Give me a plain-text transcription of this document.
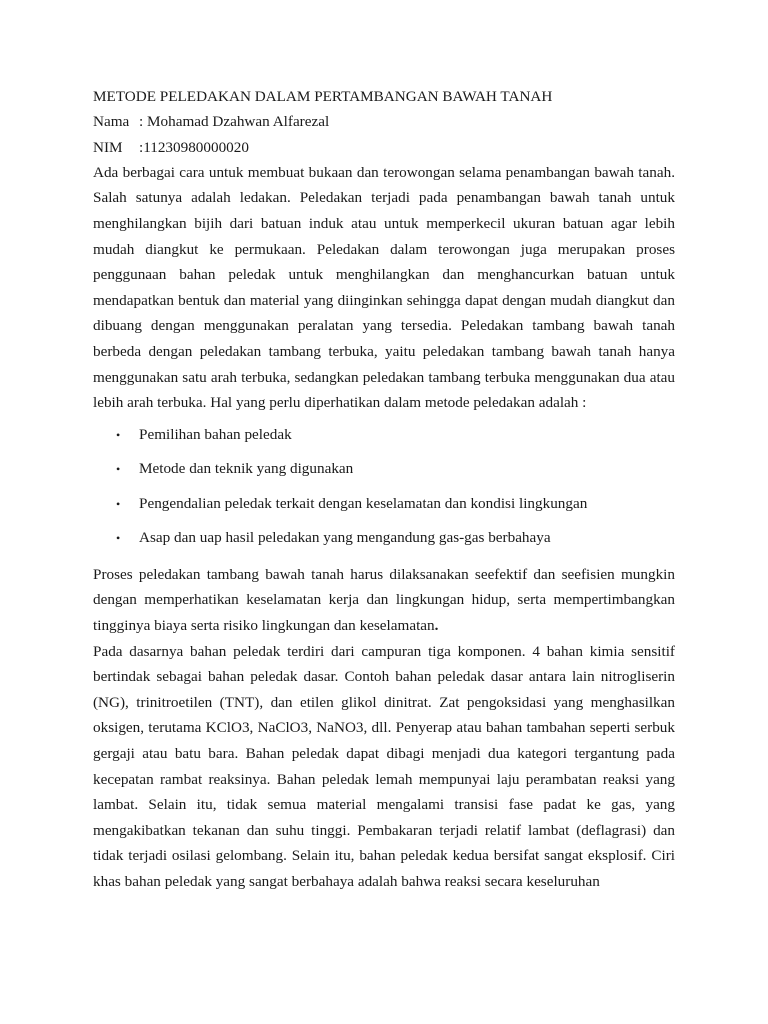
METODE PELEDAKAN DALAM PERTAMBANGAN BAWAH TANAH

Nama : Mohamad Dzahwan Alfarezal
NIM	:11230980000020

Ada berbagai cara untuk membuat bukaan dan terowongan selama penambangan bawah tanah. Salah satunya adalah ledakan. Peledakan terjadi pada penambangan bawah tanah untuk menghilangkan bijih dari batuan induk atau untuk memperkecil ukuran batuan agar lebih mudah diangkut ke permukaan. Peledakan dalam terowongan juga merupakan proses penggunaan bahan peledak untuk menghilangkan dan menghancurkan batuan untuk mendapatkan bentuk dan material yang diinginkan sehingga dapat dengan mudah diangkut dan dibuang dengan menggunakan peralatan yang tersedia. Peledakan tambang bawah tanah berbeda dengan peledakan tambang terbuka, yaitu peledakan tambang bawah tanah hanya menggunakan satu arah terbuka, sedangkan peledakan tambang terbuka menggunakan dua atau lebih arah terbuka. Hal yang perlu diperhatikan dalam metode peledakan adalah :

• Pemilihan bahan peledak
• Metode dan teknik yang digunakan
• Pengendalian peledak terkait dengan keselamatan dan kondisi lingkungan
• Asap dan uap hasil peledakan yang mengandung gas-gas berbahaya

Proses peledakan tambang bawah tanah harus dilaksanakan seefektif dan seefisien mungkin dengan memperhatikan keselamatan kerja dan lingkungan hidup, serta mempertimbangkan tingginya biaya serta risiko lingkungan dan keselamatan.

Pada dasarnya bahan peledak terdiri dari campuran tiga komponen. 4 bahan kimia sensitif bertindak sebagai bahan peledak dasar. Contoh bahan peledak dasar antara lain nitrogliserin (NG), trinitroetilen (TNT), dan etilen glikol dinitrat. Zat pengoksidasi yang menghasilkan oksigen, terutama KClO3, NaClO3, NaNO3, dll. Penyerap atau bahan tambahan seperti serbuk gergaji atau batu bara. Bahan peledak dapat dibagi menjadi dua kategori tergantung pada kecepatan rambat reaksinya. Bahan peledak lemah mempunyai laju perambatan reaksi yang lambat. Selain itu, tidak semua material mengalami transisi fase padat ke gas, yang mengakibatkan tekanan dan suhu tinggi. Pembakaran terjadi relatif lambat (deflagrasi) dan tidak terjadi osilasi gelombang. Selain itu, bahan peledak kedua bersifat sangat eksplosif. Ciri khas bahan peledak yang sangat berbahaya adalah bahwa reaksi secara keseluruhan
